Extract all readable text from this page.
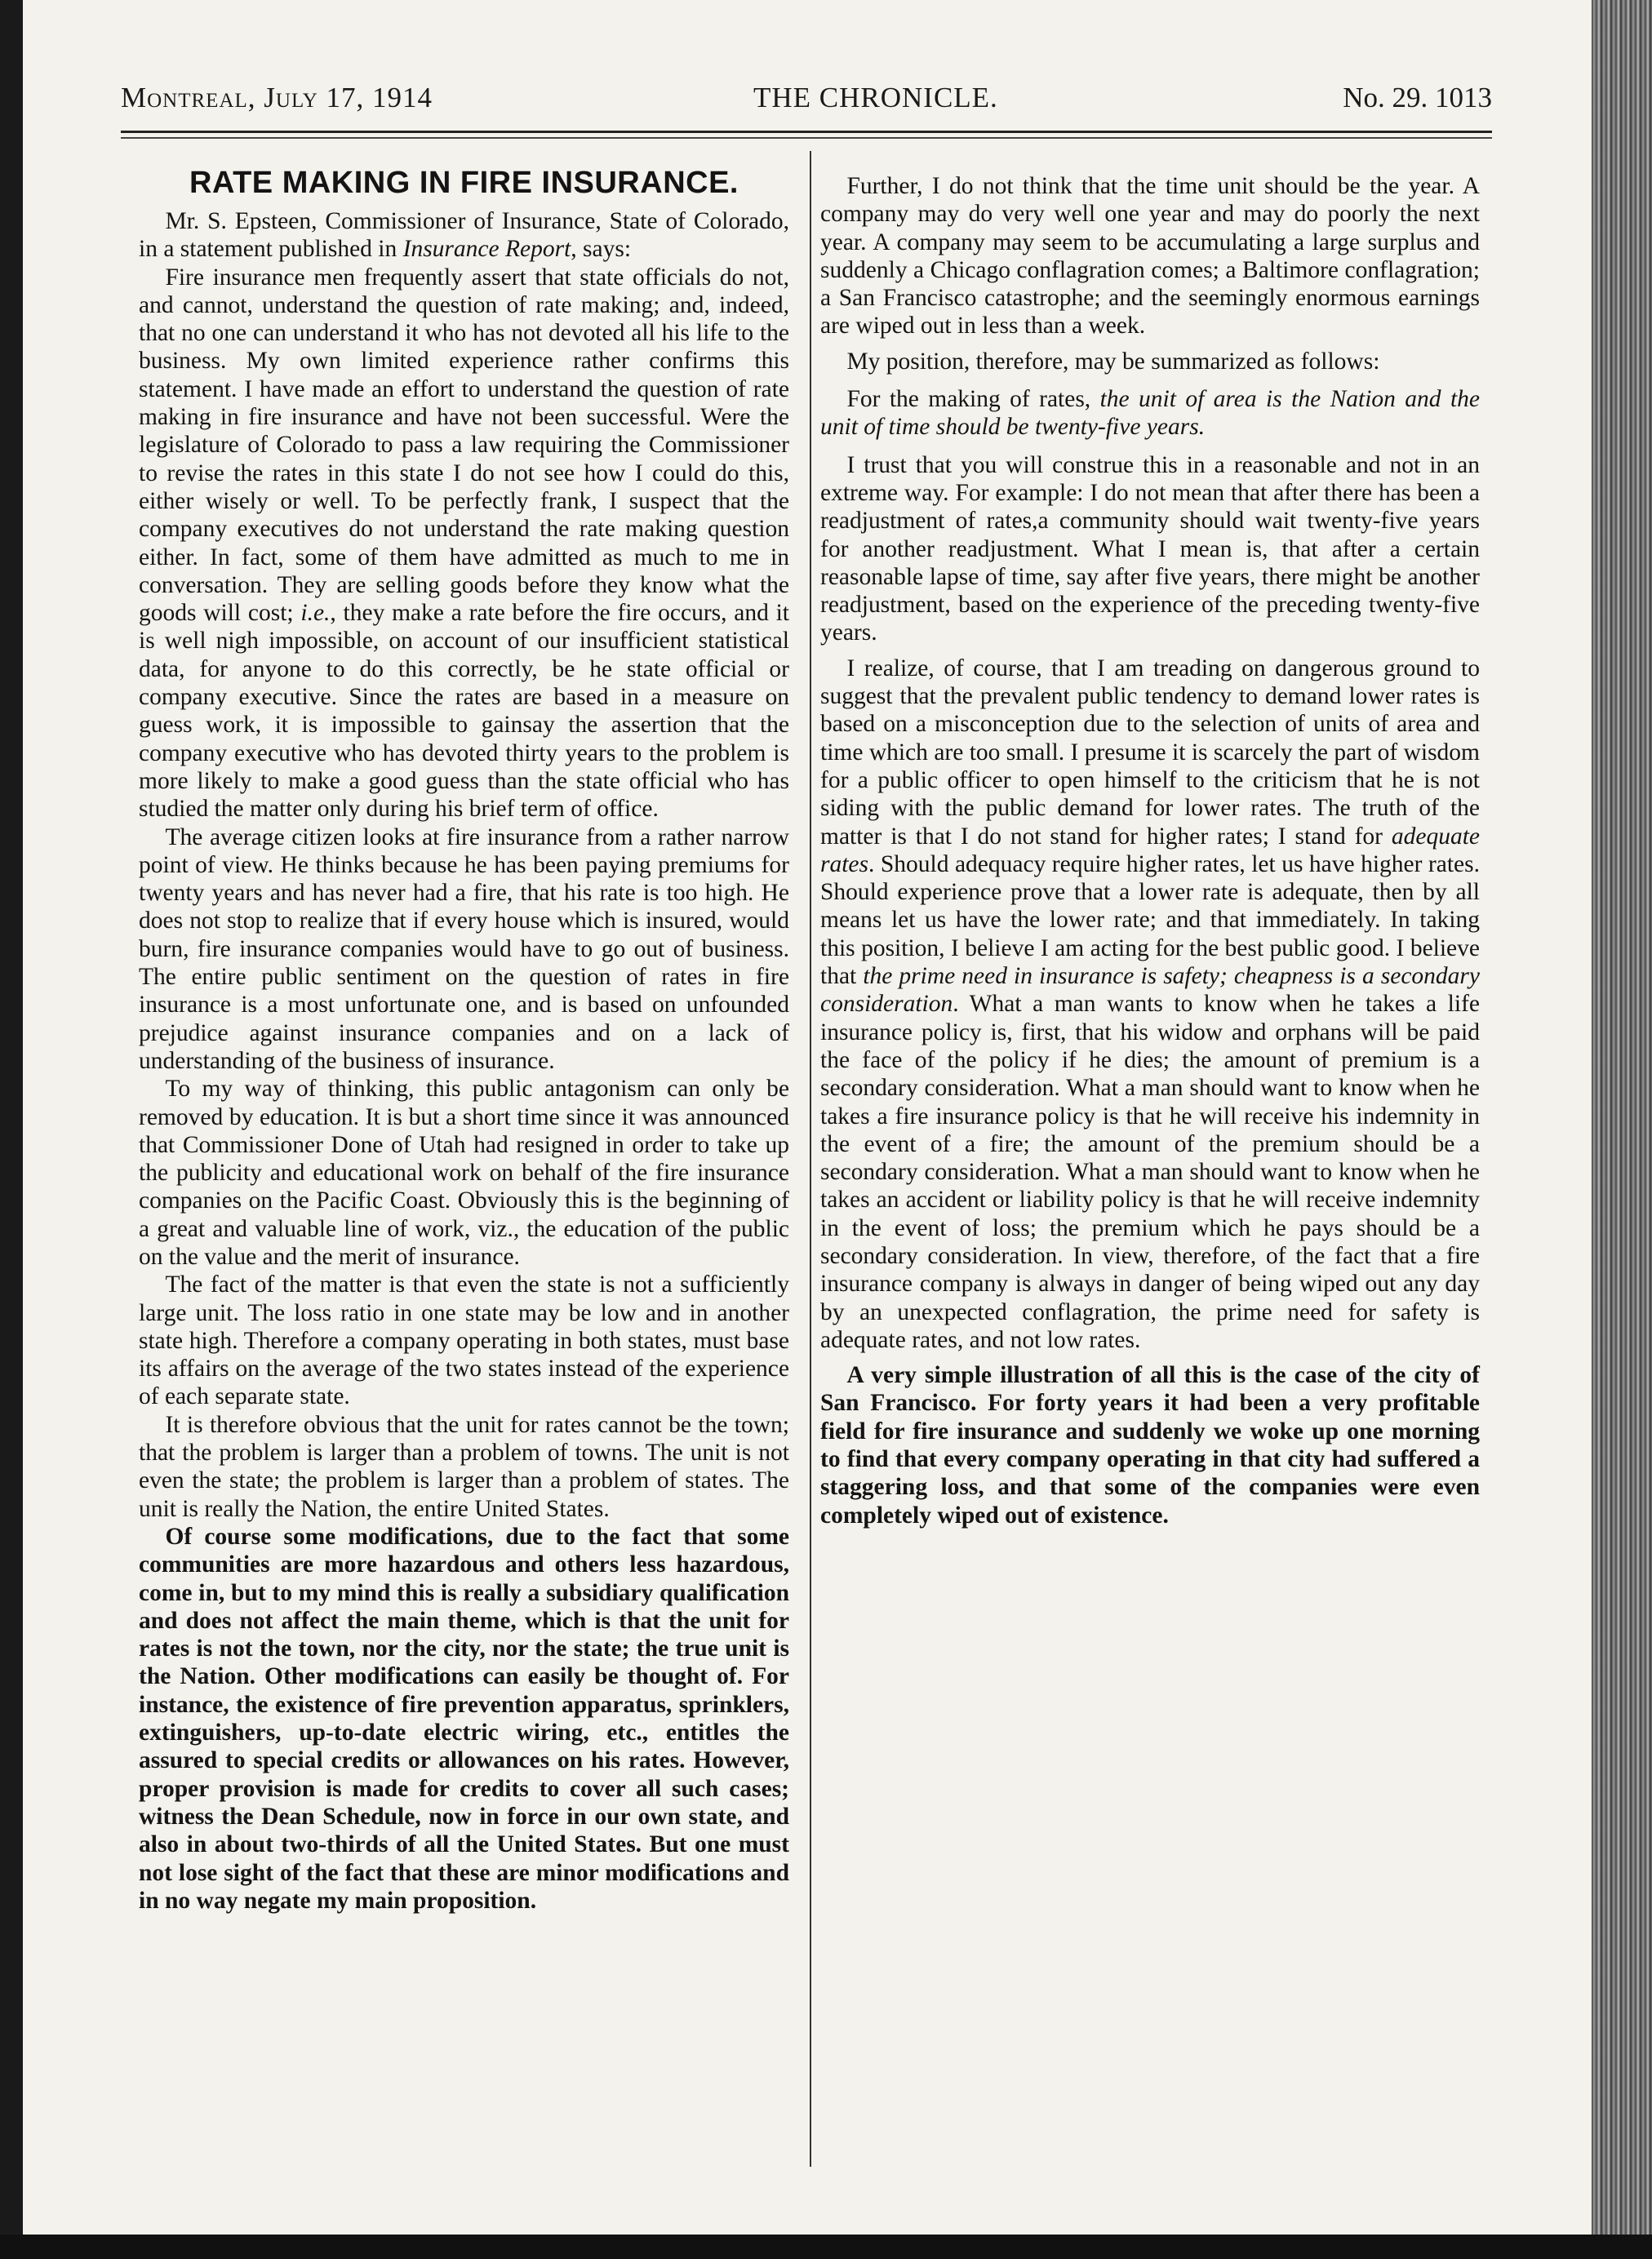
Montreal, July 17, 1914	THE CHRONICLE.	No. 29. 1013
RATE MAKING IN FIRE INSURANCE.

Mr. S. Epsteen, Commissioner of Insurance, State of Colorado, in a statement published in Insurance Report, says:

Fire insurance men frequently assert that state officials do not, and cannot, understand the question of rate making; and, indeed, that no one can understand it who has not devoted all his life to the business. My own limited experience rather confirms this statement. I have made an effort to understand the question of rate making in fire insurance and have not been successful. Were the legislature of Colorado to pass a law requiring the Commissioner to revise the rates in this state I do not see how I could do this, either wisely or well. To be perfectly frank, I suspect that the company executives do not understand the rate making question either. In fact, some of them have admitted as much to me in conversation. They are selling goods before they know what the goods will cost; i.e., they make a rate before the fire occurs, and it is well nigh impossible, on account of our insufficient statistical data, for anyone to do this correctly, be he state official or company executive. Since the rates are based in a measure on guess work, it is impossible to gainsay the assertion that the company executive who has devoted thirty years to the problem is more likely to make a good guess than the state official who has studied the matter only during his brief term of office.

The average citizen looks at fire insurance from a rather narrow point of view. He thinks because he has been paying premiums for twenty years and has never had a fire, that his rate is too high. He does not stop to realize that if every house which is insured, would burn, fire insurance companies would have to go out of business. The entire public sentiment on the question of rates in fire insurance is a most unfortunate one, and is based on unfounded prejudice against insurance companies and on a lack of understanding of the business of insurance.

To my way of thinking, this public antagonism can only be removed by education. It is but a short time since it was announced that Commissioner Done of Utah had resigned in order to take up the publicity and educational work on behalf of the fire insurance companies on the Pacific Coast. Obviously this is the beginning of a great and valuable line of work, viz., the education of the public on the value and the merit of insurance.

The fact of the matter is that even the state is not a sufficiently large unit. The loss ratio in one state may be low and in another state high. Therefore a company operating in both states, must base its affairs on the average of the two states instead of the experience of each separate state.

It is therefore obvious that the unit for rates cannot be the town; that the problem is larger than a problem of towns. The unit is not even the state; the problem is larger than a problem of states. The unit is really the Nation, the entire United States.

Of course some modifications, due to the fact that some communities are more hazardous and others less hazardous, come in, but to my mind this is really a subsidiary qualification and does not affect the main theme, which is that the unit for rates is not the town, nor the city, nor the state; the true unit is the Nation. Other modifications can easily be thought of. For instance, the existence of fire prevention apparatus, sprinklers, extinguishers, up-to-date electric wiring, etc., entitles the assured to special credits or allowances on his rates. However, proper provision is made for credits to cover all such cases; witness the Dean Schedule, now in force in our own state, and also in about two-thirds of all the United States. But one must not lose sight of the fact that these are minor modifications and in no way negate my main proposition.

Further, I do not think that the time unit should be the year. A company may do very well one year and may do poorly the next year. A company may seem to be accumulating a large surplus and suddenly a Chicago conflagration comes; a Baltimore conflagration; a San Francisco catastrophe; and the seemingly enormous earnings are wiped out in less than a week.

My position, therefore, may be summarized as follows:

For the making of rates, the unit of area is the Nation and the unit of time should be twenty-five years.

I trust that you will construe this in a reasonable and not in an extreme way. For example: I do not mean that after there has been a readjustment of rates,a community should wait twenty-five years for another readjustment. What I mean is, that after a certain reasonable lapse of time, say after five years, there might be another readjustment, based on the experience of the preceding twenty-five years.

I realize, of course, that I am treading on dangerous ground to suggest that the prevalent public tendency to demand lower rates is based on a misconception due to the selection of units of area and time which are too small. I presume it is scarcely the part of wisdom for a public officer to open himself to the criticism that he is not siding with the public demand for lower rates. The truth of the matter is that I do not stand for higher rates; I stand for adequate rates. Should adequacy require higher rates, let us have higher rates. Should experience prove that a lower rate is adequate, then by all means let us have the lower rate; and that immediately. In taking this position, I believe I am acting for the best public good. I believe that the prime need in insurance is safety; cheapness is a secondary consideration. What a man wants to know when he takes a life insurance policy is, first, that his widow and orphans will be paid the face of the policy if he dies; the amount of premium is a secondary consideration. What a man should want to know when he takes a fire insurance policy is that he will receive his indemnity in the event of a fire; the amount of the premium should be a secondary consideration. What a man should want to know when he takes an accident or liability policy is that he will receive indemnity in the event of loss; the premium which he pays should be a secondary consideration. In view, therefore, of the fact that a fire insurance company is always in danger of being wiped out any day by an unexpected conflagration, the prime need for safety is adequate rates, and not low rates.

A very simple illustration of all this is the case of the city of San Francisco. For forty years it had been a very profitable field for fire insurance and suddenly we woke up one morning to find that every company operating in that city had suffered a staggering loss, and that some of the companies were even completely wiped out of existence.
